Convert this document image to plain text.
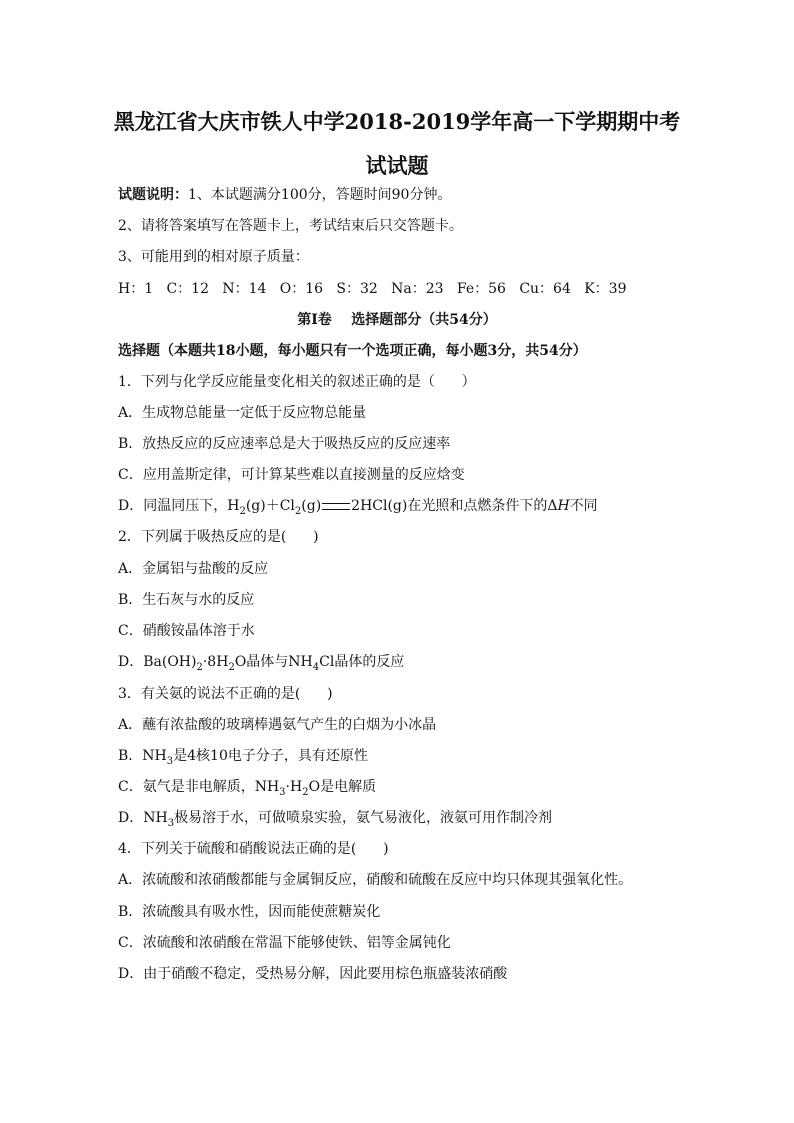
黑龙江省大庆市铁人中学2018-2019学年高一下学期期中考
试试题
试题说明：1、本试题满分100分，答题时间90分钟。
2、请将答案填写在答题卡上，考试结束后只交答题卡。
3、可能用到的相对原子质量：
H：1   C：12   N：14   O：16   S：32   Na：23   Fe：56   Cu：64   K：39
第Ⅰ卷    选择题部分（共54分）
选择题（本题共18小题，每小题只有一个选项正确，每小题3分，共54分）
1．下列与化学反应能量变化相关的叙述正确的是（      ）
A．生成物总能量一定低于反应物总能量
B．放热反应的反应速率总是大于吸热反应的反应速率
C．应用盖斯定律，可计算某些难以直接测量的反应焓变
D．同温同压下，$H_2(g)+Cl_2(g)$ 2HCl(g)在光照和点燃条件下的ΔH不同
2．下列属于吸热反应的是(      )
A．金属铝与盐酸的反应
B．生石灰与水的反应
C．硝酸铵晶体溶于水
D．$Ba(OH)_2\cdot 8H_2O$晶体与$NH_4Cl$晶体的反应
3．有关氨的说法不正确的是(      )
A．蘸有浓盐酸的玻璃棒遇氨气产生的白烟为小冰晶
B．$NH_3$是4核10电子分子，具有还原性
C．氨气是非电解质，$NH_3\cdot H_2O$是电解质
D．$NH_3$极易溶于水，可做喷泉实验，氨气易液化，液氨可用作制冷剂
4．下列关于硫酸和硝酸说法正确的是(      )
A．浓硫酸和浓硝酸都能与金属铜反应，硝酸和硫酸在反应中均只体现其强氧化性。
B．浓硫酸具有吸水性，因而能使蔗糖炭化
C．浓硫酸和浓硝酸在常温下能够使铁、铝等金属钝化
D．由于硝酸不稳定，受热易分解，因此要用棕色瓶盛装浓硝酸
